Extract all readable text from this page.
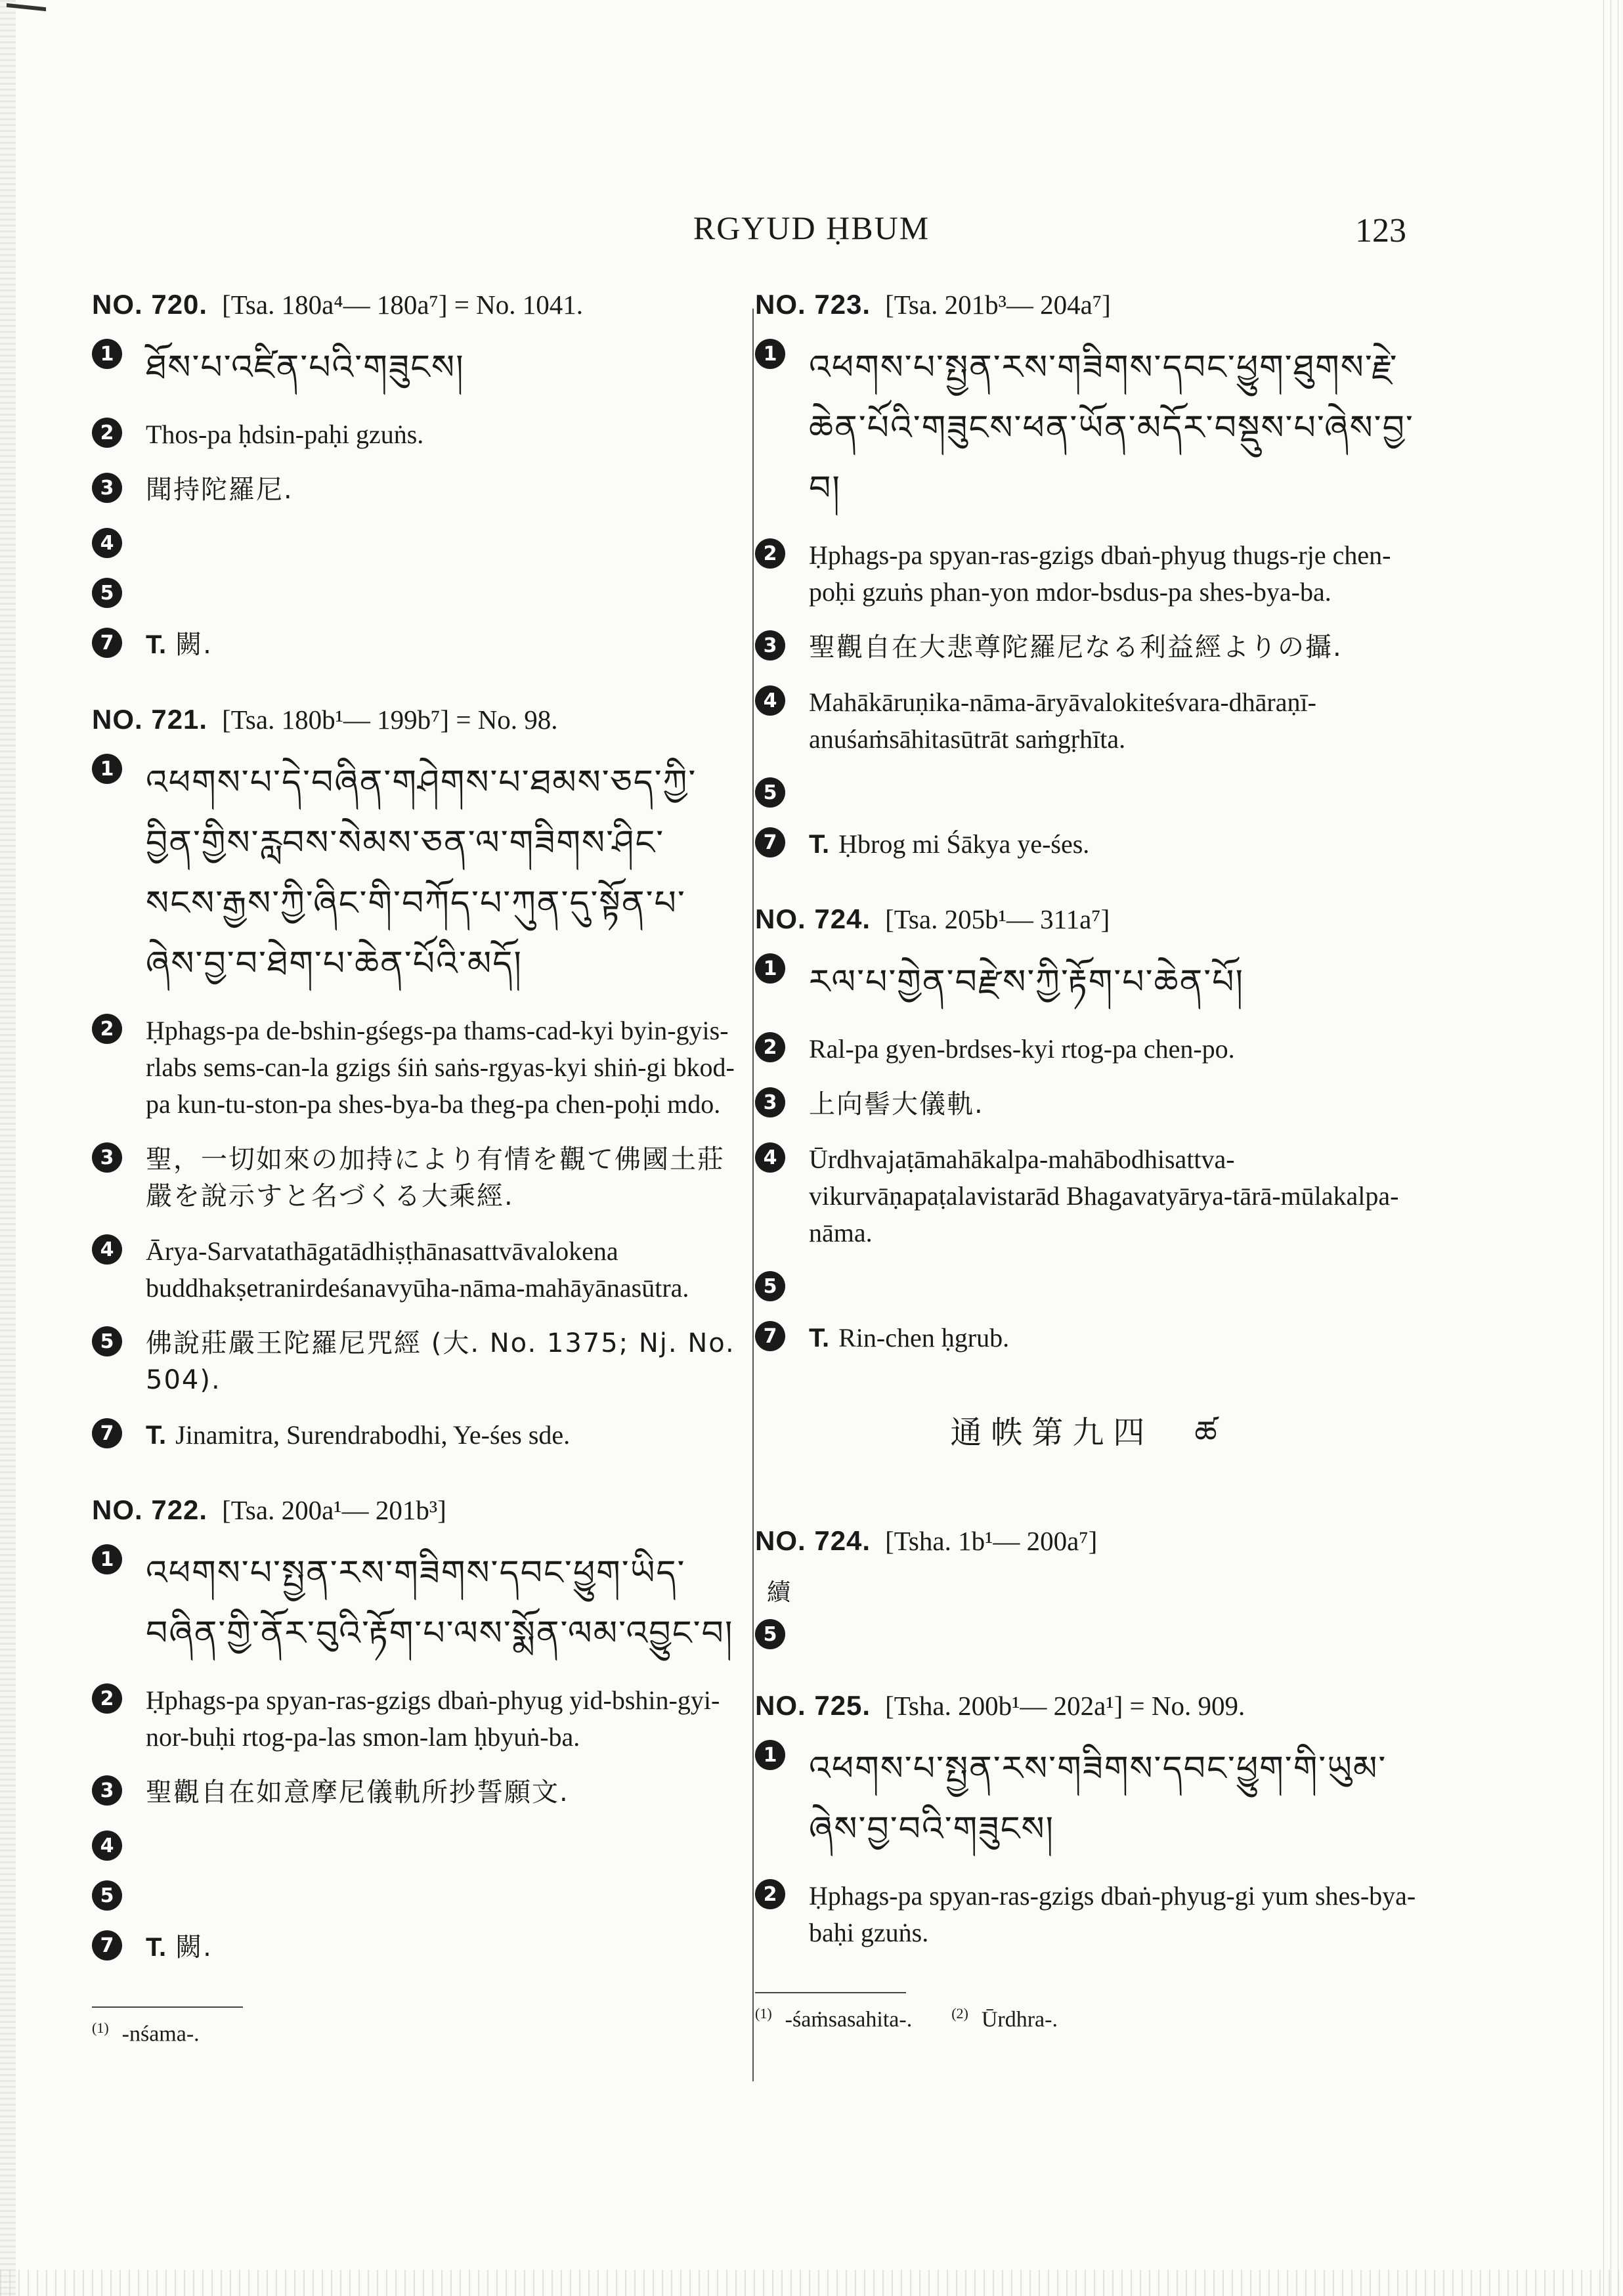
RGYUD ḤBUM	123
NO. 720. [Tsa. 180a⁴— 180a⁷] = No. 1041.
1 ཐོས་པ་འཛིན་པའི་གཟུངས།
2	Thos-pa ḥdsin-paḥi gzuṅs.
3	聞持陀羅尼.
4
5
7	T. 闕.
NO. 721. [Tsa. 180b¹— 199b⁷] = No. 98.
1 འཕགས་པ་དེ་བཞིན་གཤེགས་པ་ཐམས་ཅད་ཀྱི་བྱིན་གྱིས་རླབས་སེམས་ཅན་ལ་གཟིགས་ཤིང་སངས་རྒྱས་ཀྱི་ཞིང་གི་བཀོད་པ་ཀུན་དུ་སྟོན་པ་ཞེས་བྱ་བ་ཐེག་པ་ཆེན་པོའི་མདོ།
2	Ḥphags-pa de-bshin-gśegs-pa thams-cad-kyi byin-gyis-rlabs sems-can-la gzigs śiṅ saṅs-rgyas-kyi shiṅ-gi bkod-pa kun-tu-ston-pa shes-bya-ba theg-pa chen-poḥi mdo.
3	聖，一切如來の加持により有情を觀て佛國土莊嚴を說示すと名づくる大乘經.
4	Ārya-Sarvatathāgatādhiṣṭhānasattvāvalokena buddhakṣetranirdeśanavyūha-nāma-mahāyānasūtra.
5	佛說莊嚴王陀羅尼咒經 (大. No. 1375; Nj. No. 504).
7	T. Jinamitra, Surendrabodhi, Ye-śes sde.
NO. 722. [Tsa. 200a¹— 201b³]
1 འཕགས་པ་སྤྱན་རས་གཟིགས་དབང་ཕྱུག་ཡིད་བཞིན་གྱི་ནོར་བུའི་རྟོག་པ་ལས་སྨོན་ལམ་འབྱུང་བ།
2	Ḥphags-pa spyan-ras-gzigs dbaṅ-phyug yid-bshin-gyi-nor-buḥi rtog-pa-las smon-lam ḥbyuṅ-ba.
3	聖觀自在如意摩尼儀軌所抄誓願文.
4
5
7	T. 闕.
$^{(1)}$ -nśama-.
NO. 723. [Tsa. 201b³— 204a⁷]
1 འཕགས་པ་སྤྱན་རས་གཟིགས་དབང་ཕྱུག་ཐུགས་རྗེ་ཆེན་པོའི་གཟུངས་ཕན་ཡོན་མདོར་བསྡུས་པ་ཞེས་བྱ་བ།
2	Ḥphags-pa spyan-ras-gzigs dbaṅ-phyug thugs-rje chen-poḥi gzuṅs phan-yon mdor-bsdus-pa shes-bya-ba.
3	聖觀自在大悲尊陀羅尼なる利益經よりの攝.
4	Mahākāruṇika-nāma-āryāvalokiteśvara-dhāraṇī-anuśaṁsāhitasūtrāt saṁgṛhīta.
5
7	T. Ḥbrog mi Śākya ye-śes.
NO. 724. [Tsa. 205b¹— 311a⁷]
1 རལ་པ་གྱེན་བརྫེས་ཀྱི་རྟོག་པ་ཆེན་པོ།
2	Ral-pa gyen-brdses-kyi rtog-pa chen-po.
3	上向髻大儀軌.
4	Ūrdhvajaṭāmahākalpa-mahābodhisattva-vikurvāṇapaṭalavistarād Bhagavatyārya-tārā-mūlakalpa-nāma.
5
7	T. Rin-chen ḥgrub.
通帙第九四　ཚ
NO. 724. [Tsha. 1b¹— 200a⁷]
續
5
NO. 725. [Tsha. 200b¹— 202a¹] = No. 909.
1 འཕགས་པ་སྤྱན་རས་གཟིགས་དབང་ཕྱུག་གི་ཡུམ་ཞེས་བྱ་བའི་གཟུངས།
2	Ḥphags-pa spyan-ras-gzigs dbaṅ-phyug-gi yum shes-bya-baḥi gzuṅs.
$^{(1)}$ -śaṁsasahita-.	$^{(2)}$ Ūrdhra-.
